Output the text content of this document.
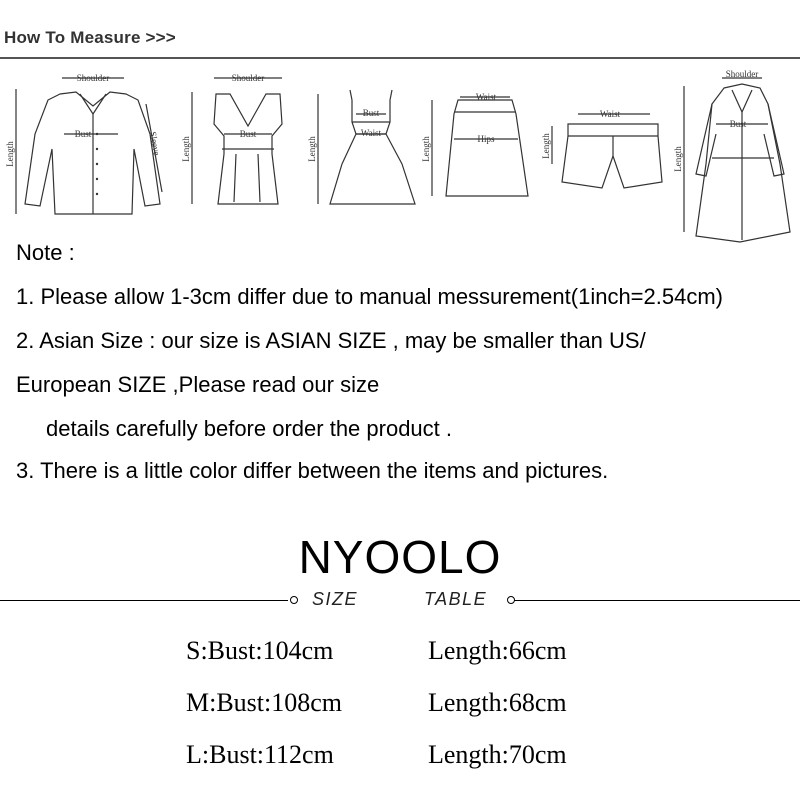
How To Measure >>>
Shoulder
Bust
Length	Sleeve
Shoulder
Bust
Length
Bust
Waist
Length
Waist
Hips
Length
Waist
Length
Shoulder
Bust
Length
Note :
1. Please allow 1-3cm differ due to manual messurement(1inch=2.54cm)
2. Asian Size : our size is ASIAN SIZE , may be smaller than US/
European SIZE ,Please read our size
details carefully before order the product .
3. There is a little color differ between the items and pictures.
NYOOLO
SIZE	TABLE
S:Bust:104cm	Length:66cm
M:Bust:108cm	Length:68cm
L:Bust:112cm	Length:70cm
